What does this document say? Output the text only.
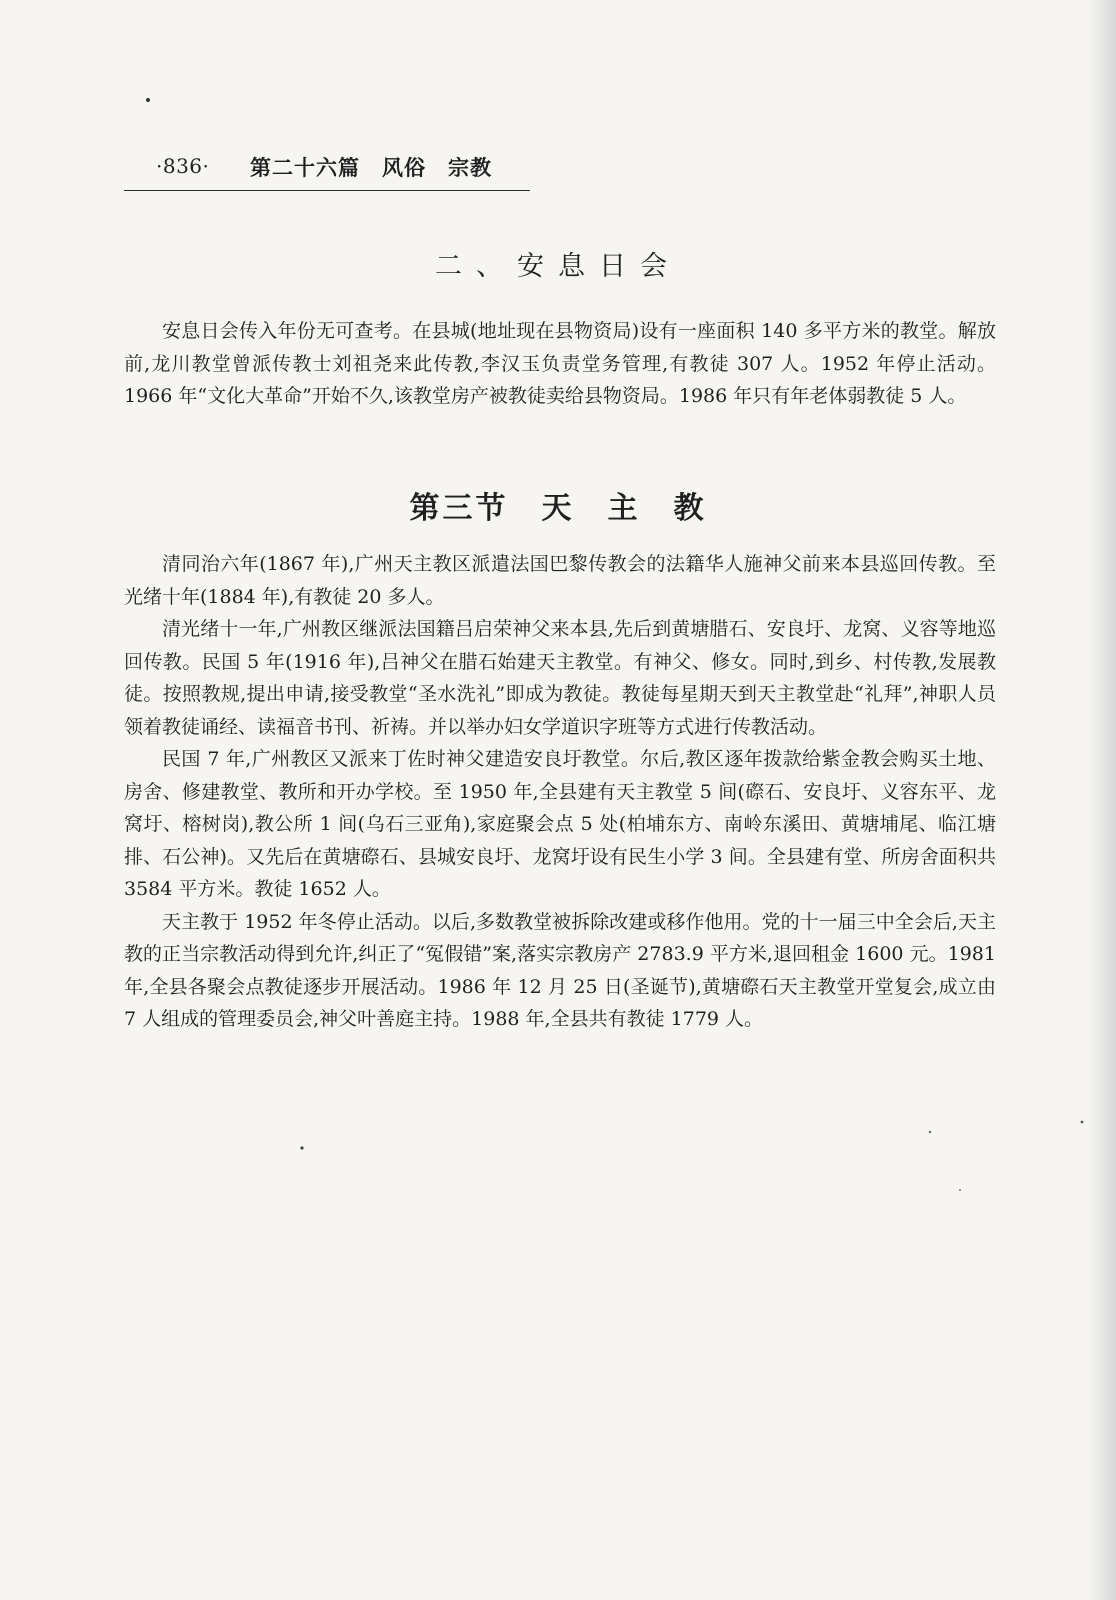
·836· 第二十六篇　风俗　宗教
二、安息日会

安息日会传入年份无可查考。在县城(地址现在县物资局)设有一座面积 140 多平方米的教堂。解放前,龙川教堂曾派传教士刘祖尧来此传教,李汉玉负责堂务管理,有教徒 307 人。1952 年停止活动。1966 年“文化大革命”开始不久,该教堂房产被教徒卖给县物资局。1986 年只有年老体弱教徒 5 人。

第三节　天　主　教

清同治六年(1867 年),广州天主教区派遣法国巴黎传教会的法籍华人施神父前来本县巡回传教。至光绪十年(1884 年),有教徒 20 多人。

清光绪十一年,广州教区继派法国籍吕启荣神父来本县,先后到黄塘腊石、安良圩、龙窝、义容等地巡回传教。民国 5 年(1916 年),吕神父在腊石始建天主教堂。有神父、修女。同时,到乡、村传教,发展教徒。按照教规,提出申请,接受教堂“圣水洗礼”即成为教徒。教徒每星期天到天主教堂赴“礼拜”,神职人员领着教徒诵经、读福音书刊、祈祷。并以举办妇女学道识字班等方式进行传教活动。

民国 7 年,广州教区又派来丁佐时神父建造安良圩教堂。尔后,教区逐年拨款给紫金教会购买土地、房舍、修建教堂、教所和开办学校。至 1950 年,全县建有天主教堂 5 间(磜石、安良圩、义容东平、龙窝圩、榕树岗),教公所 1 间(乌石三亚角),家庭聚会点 5 处(柏埔东方、南岭东溪田、黄塘埔尾、临江塘排、石公神)。又先后在黄塘磜石、县城安良圩、龙窝圩设有民生小学 3 间。全县建有堂、所房舍面积共 3584 平方米。教徒 1652 人。

天主教于 1952 年冬停止活动。以后,多数教堂被拆除改建或移作他用。党的十一届三中全会后,天主教的正当宗教活动得到允许,纠正了“冤假错”案,落实宗教房产 2783.9 平方米,退回租金 1600 元。1981 年,全县各聚会点教徒逐步开展活动。1986 年 12 月 25 日(圣诞节),黄塘磜石天主教堂开堂复会,成立由 7 人组成的管理委员会,神父叶善庭主持。1988 年,全县共有教徒 1779 人。
